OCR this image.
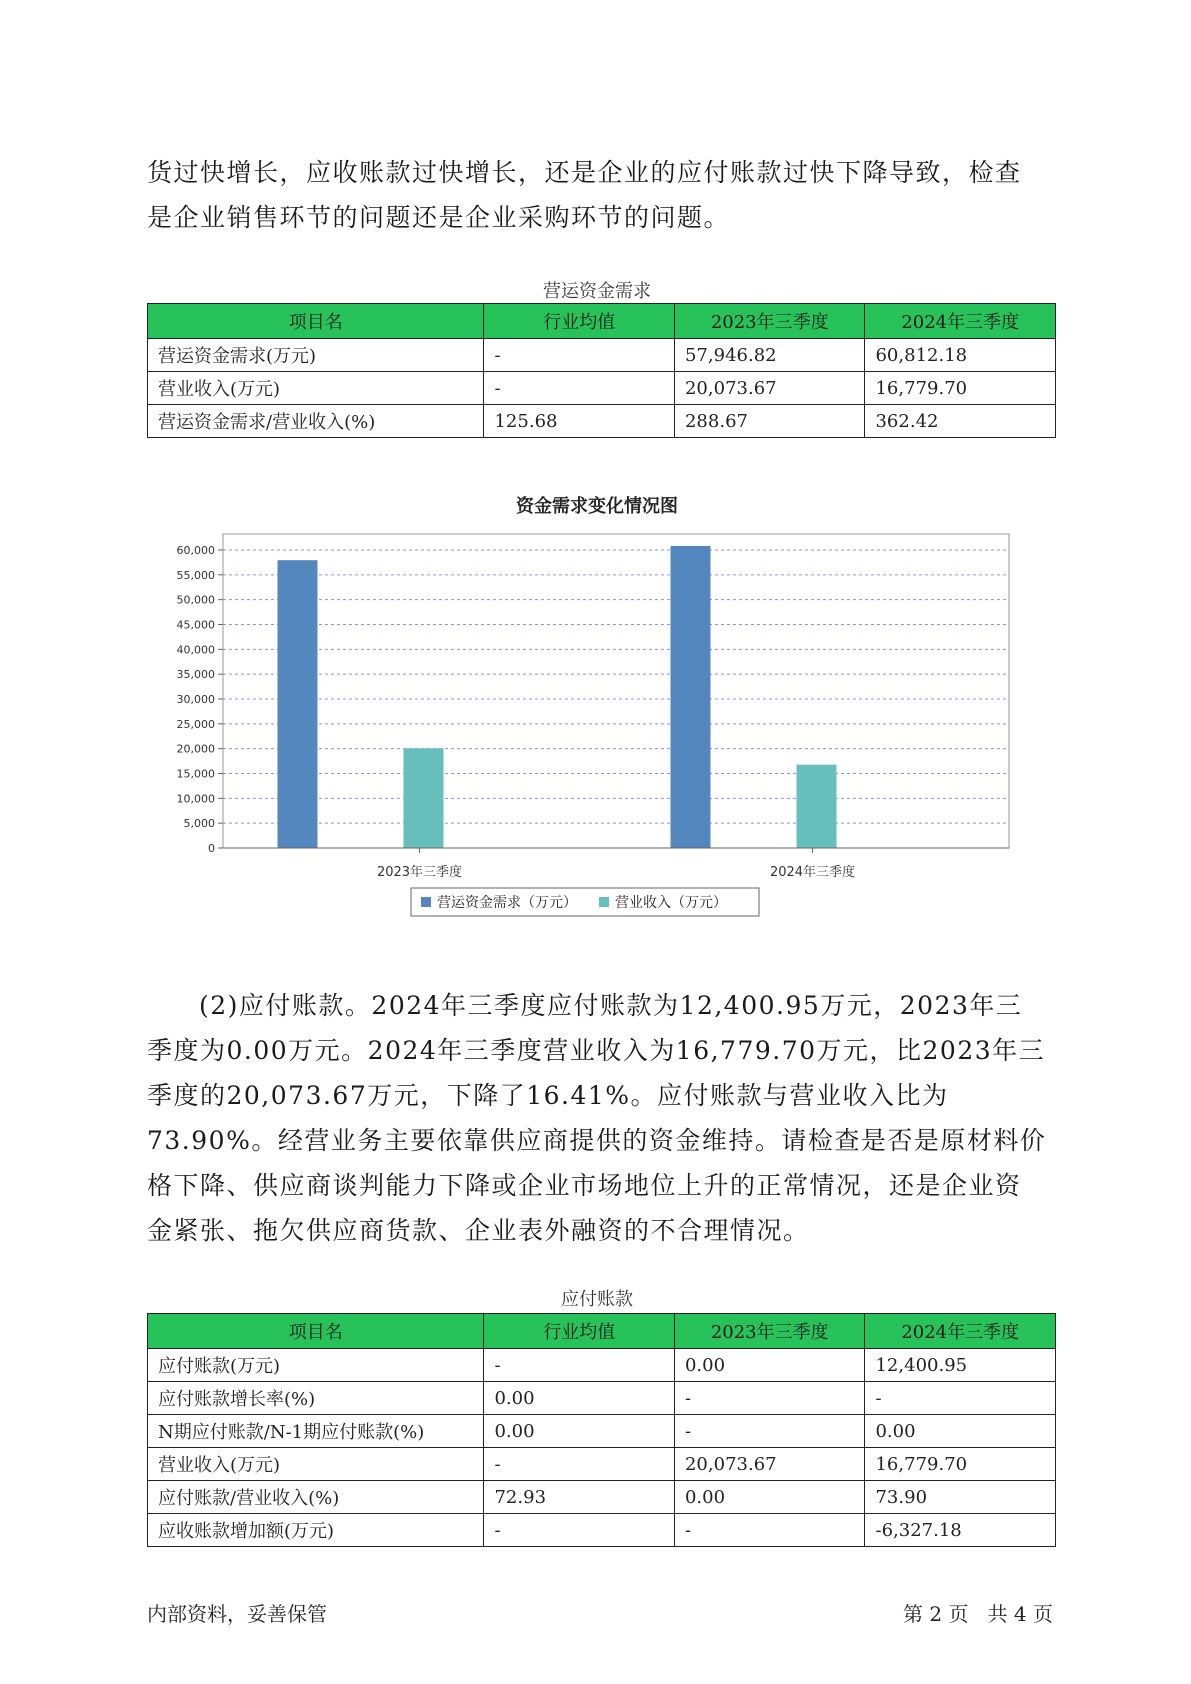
货过快增长，应收账款过快增长，还是企业的应付账款过快下降导致，检查是企业销售环节的问题还是企业采购环节的问题。

营运资金需求
项目名	行业均值	2023年三季度	2024年三季度
营运资金需求(万元)	-	57,946.82	60,812.18
营业收入(万元)	-	20,073.67	16,779.70
营运资金需求/营业收入(%)	125.68	288.67	362.42
资金需求变化情况图
0
5,000
10,000
15,000
20,000
25,000
30,000
35,000
40,000
45,000
50,000
55,000
60,000
2023年三季度	2024年三季度
营运资金需求（万元）	营业收入（万元）

(2)应付账款。2024年三季度应付账款为12,400.95万元，2023年三季度为0.00万元。2024年三季度营业收入为16,779.70万元，比2023年三季度的20,073.67万元，下降了16.41%。应付账款与营业收入比为73.90%。经营业务主要依靠供应商提供的资金维持。请检查是否是原材料价格下降、供应商谈判能力下降或企业市场地位上升的正常情况，还是企业资金紧张、拖欠供应商货款、企业表外融资的不合理情况。

应付账款
项目名	行业均值	2023年三季度	2024年三季度
应付账款(万元)	-	0.00	12,400.95
应付账款增长率(%)	0.00	-	-
N期应付账款/N-1期应付账款(%)	0.00	-	0.00
营业收入(万元)	-	20,073.67	16,779.70
应付账款/营业收入(%)	72.93	0.00	73.90
应收账款增加额(万元)	-	-	-6,327.18
内部资料，妥善保管	第 2 页   共 4 页
